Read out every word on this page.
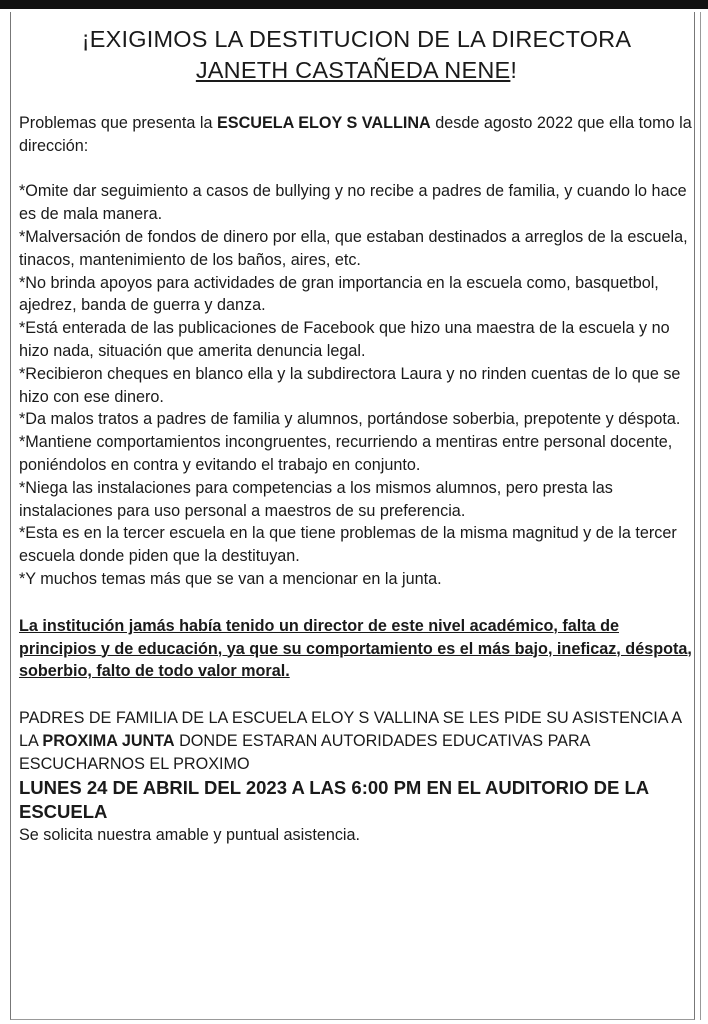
¡EXIGIMOS LA DESTITUCION DE LA DIRECTORA
JANETH CASTAÑEDA NENE!

Problemas que presenta la ESCUELA ELOY S VALLINA desde agosto 2022 que ella tomo la dirección:

*Omite dar seguimiento a casos de bullying y no recibe a padres de familia, y cuando lo hace es de mala manera.

*Malversación de fondos de dinero por ella, que estaban destinados a arreglos de la escuela, tinacos, mantenimiento de los baños, aires, etc.

*No brinda apoyos para actividades de gran importancia en la escuela como, basquetbol, ajedrez, banda de guerra y danza.

*Está enterada de las publicaciones de Facebook que hizo una maestra de la escuela y no hizo nada, situación que amerita denuncia legal.

*Recibieron cheques en blanco ella y la subdirectora Laura y no rinden cuentas de lo que se hizo con ese dinero.

*Da malos tratos a padres de familia y alumnos, portándose soberbia, prepotente y déspota.

*Mantiene comportamientos incongruentes, recurriendo a mentiras entre personal docente, poniéndolos en contra y evitando el trabajo en conjunto.

*Niega las instalaciones para competencias a los mismos alumnos, pero presta las instalaciones para uso personal a maestros de su preferencia.

*Esta es en la tercer escuela en la que tiene problemas de la misma magnitud y de la tercer escuela donde piden que la destituyan.

*Y muchos temas más que se van a mencionar en la junta.

La institución jamás había tenido un director de este nivel académico, falta de principios y de educación, ya que su comportamiento es el más bajo, ineficaz, déspota, soberbio, falto de todo valor moral.

PADRES DE FAMILIA DE LA ESCUELA ELOY S VALLINA SE LES PIDE SU ASISTENCIA A LA PROXIMA JUNTA DONDE ESTARAN AUTORIDADES EDUCATIVAS PARA ESCUCHARNOS EL PROXIMO

LUNES 24 DE ABRIL DEL 2023 A LAS 6:00 PM EN EL AUDITORIO DE LA ESCUELA

Se solicita nuestra amable y puntual asistencia.
